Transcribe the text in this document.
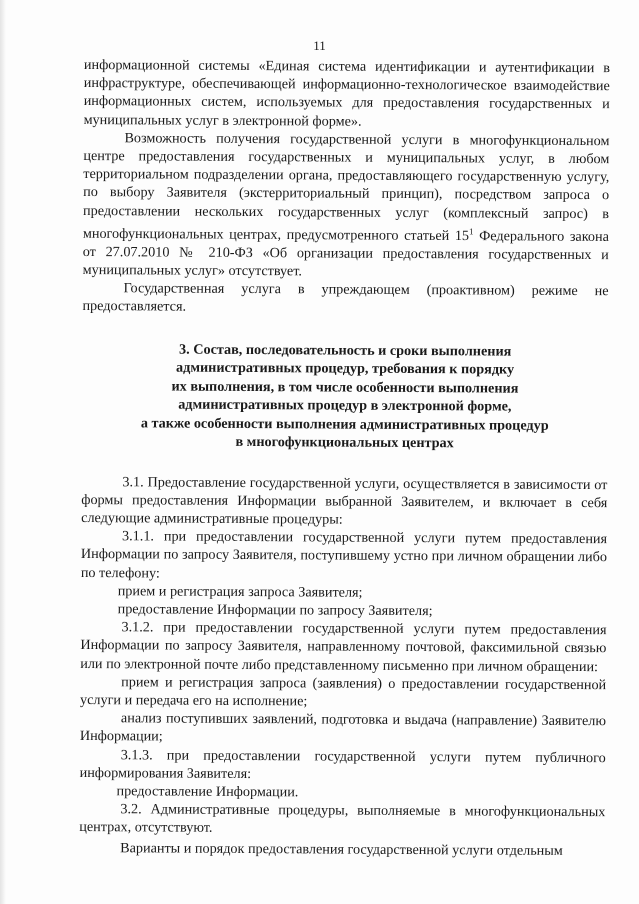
11

информационной системы «Единая система идентификации и аутентификации в инфраструктуре, обеспечивающей информационно-технологическое взаимодействие информационных систем, используемых для предоставления государственных и муниципальных услуг в электронной форме».

Возможность получения государственной услуги в многофункциональном центре предоставления государственных и муниципальных услуг, в любом территориальном подразделении органа, предоставляющего государственную услугу, по выбору Заявителя (экстерриториальный принцип), посредством запроса о предоставлении нескольких государственных услуг (комплексный запрос) в многофункциональных центрах, предусмотренного статьей $15^1$ Федерального закона от 27.07.2010 № 210-ФЗ «Об организации предоставления государственных и муниципальных услуг» отсутствует.

Государственная услуга в упреждающем (проактивном) режиме не предоставляется.

3. Состав, последовательность и сроки выполнения
административных процедур, требования к порядку
их выполнения, в том числе особенности выполнения
административных процедур в электронной форме,
а также особенности выполнения административных процедур
в многофункциональных центрах

3.1. Предоставление государственной услуги, осуществляется в зависимости от формы предоставления Информации выбранной Заявителем, и включает в себя следующие административные процедуры:

3.1.1. при предоставлении государственной услуги путем предоставления Информации по запросу Заявителя, поступившему устно при личном обращении либо по телефону:

прием и регистрация запроса Заявителя;

предоставление Информации по запросу Заявителя;

3.1.2. при предоставлении государственной услуги путем предоставления Информации по запросу Заявителя, направленному почтовой, факсимильной связью или по электронной почте либо представленному письменно при личном обращении:

прием и регистрация запроса (заявления) о предоставлении государственной услуги и передача его на исполнение;

анализ поступивших заявлений, подготовка и выдача (направление) Заявителю Информации;

3.1.3. при предоставлении государственной услуги путем публичного информирования Заявителя:

предоставление Информации.

3.2. Административные процедуры, выполняемые в многофункциональных центрах, отсутствуют.

Варианты и порядок предоставления государственной услуги отдельным
